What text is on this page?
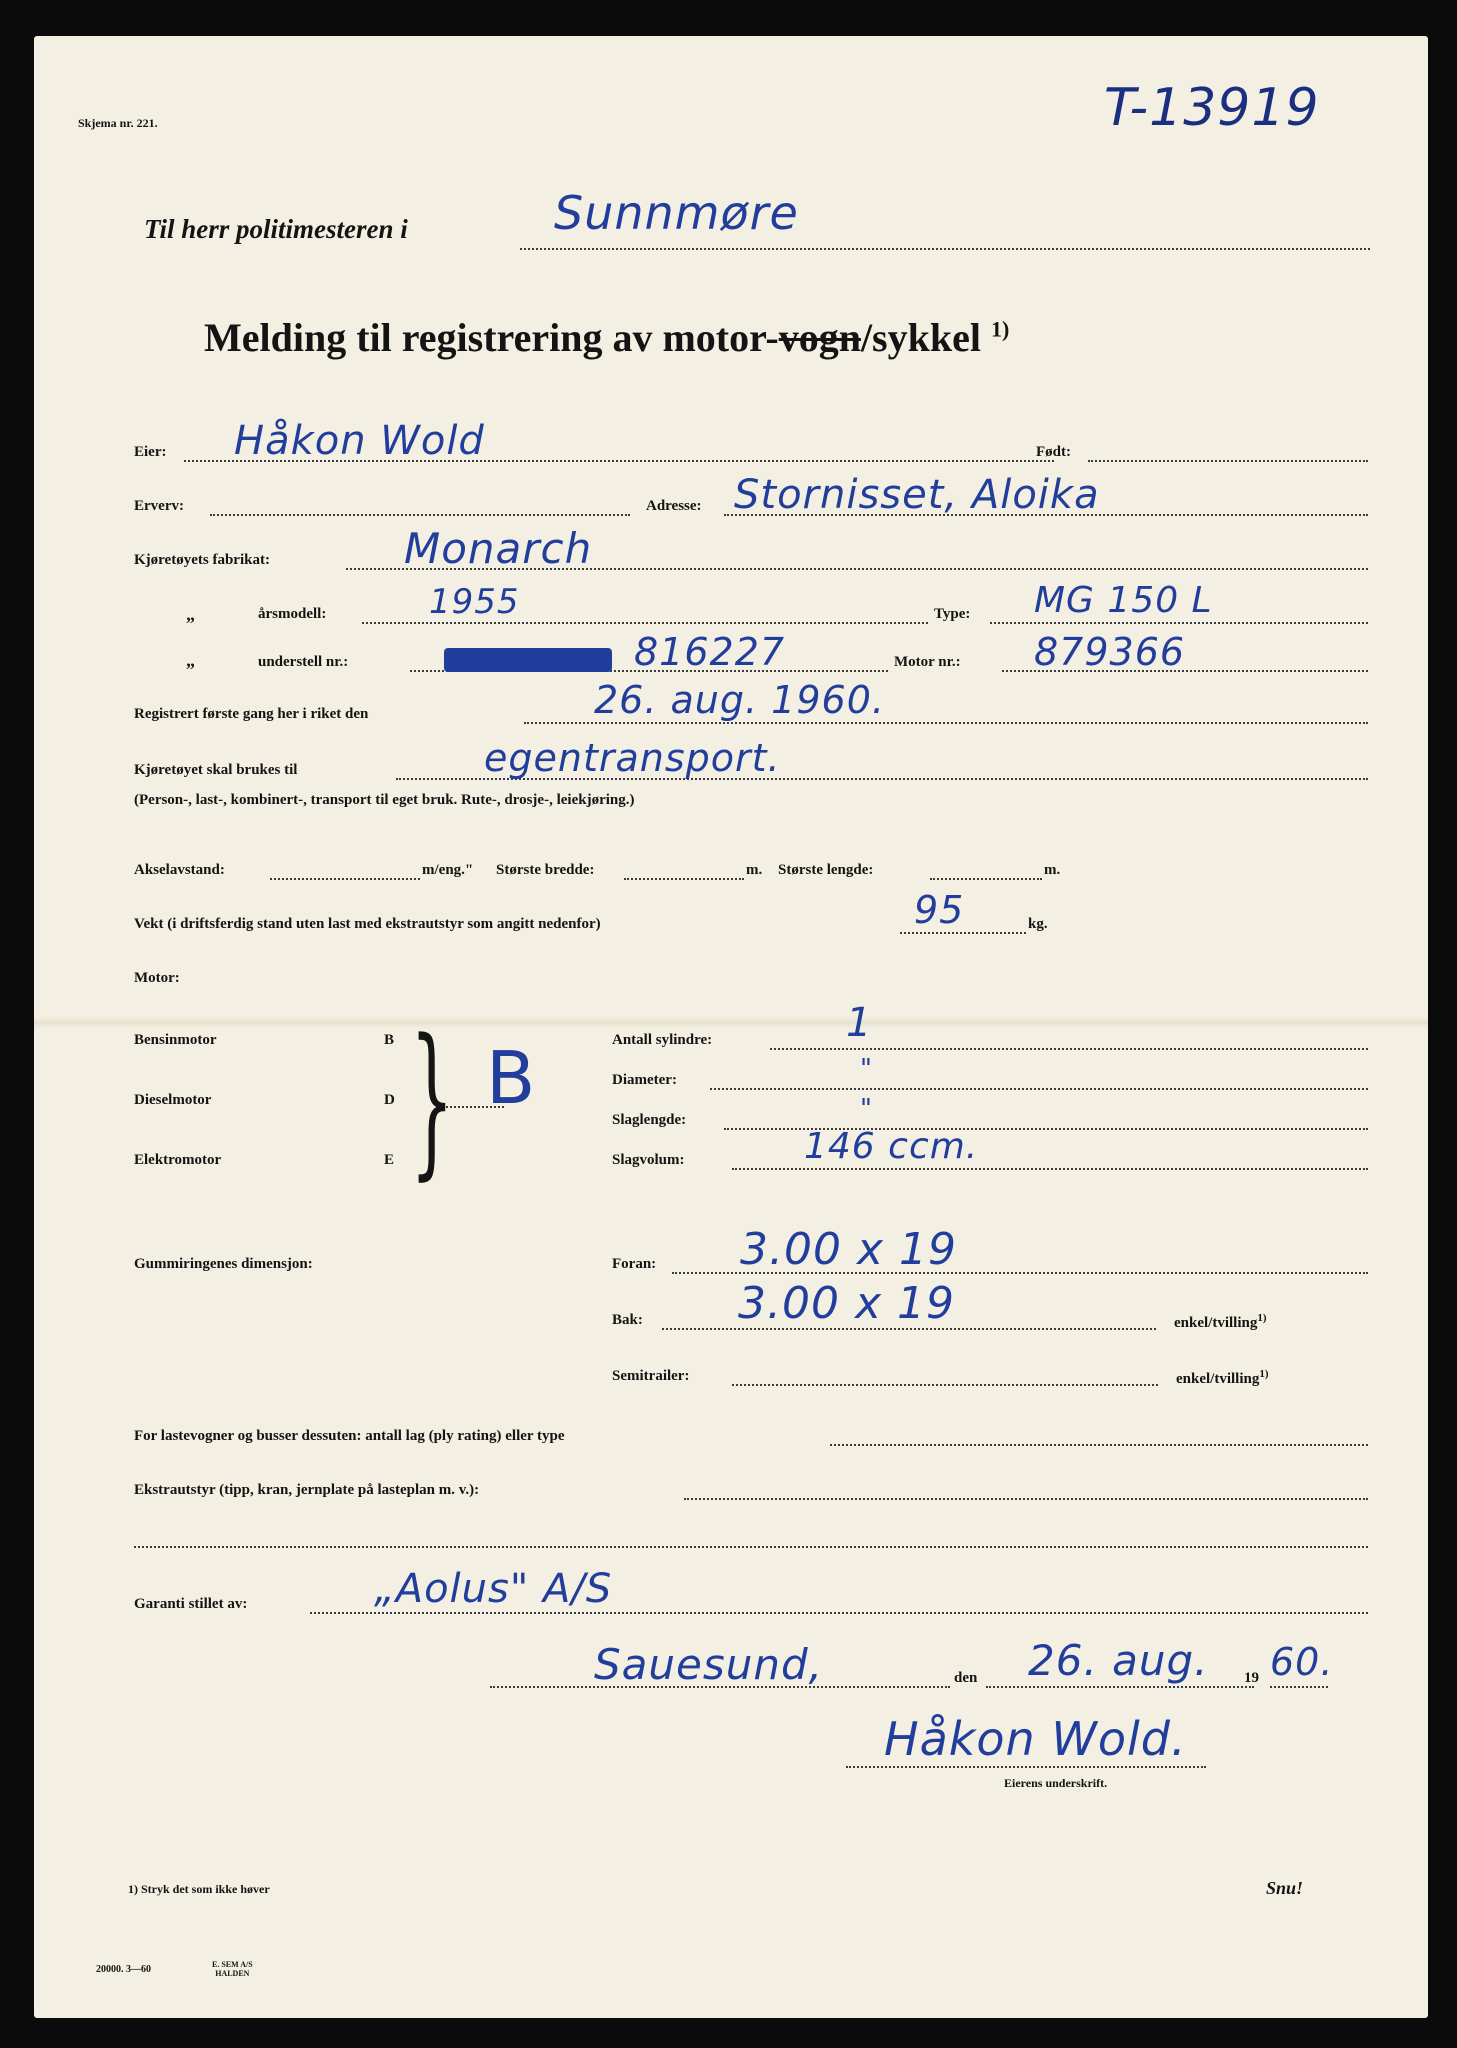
Skjema nr. 221.	T-13919
Til herr politimesteren i	Sunnmøre
Melding til registrering av motor-vogn/sykkel $^{1)}$
Eier: Håkon Wold	Født:
Erverv:	Adresse: Stornisset, Aloika
Kjøretøyets fabrikat:	Monarch
„	årsmodell:	1955	Type: MG 150 L
„	understell nr.:	816227	Motor nr.: 879366
Registrert første gang her i riket den	26. aug. 1960.
Kjøretøyet skal brukes til	egentransport.
(Person-, last-, kombinert-, transport til eget bruk. Rute-, drosje-, leiekjøring.)
Akselavstand:	m/eng." Største bredde:	m. Største lengde:	m.
Vekt (i driftsferdig stand uten last med ekstrautstyr som angitt nedenfor)	95	kg.
Motor:
Bensinmotor	B
Dieselmotor	D
Elektromotor	E } B	Antall sylindre:	1
Diameter:	"
Slaglengde:	"
Slagvolum:	146 ccm.
Gummiringenes dimensjon:	Foran: 3.00 x 19
Bak: 3.00 x 19	enkel/tvilling$^{1)}$
Semitrailer:	enkel/tvilling$^{1)}$
For lastevogner og busser dessuten: antall lag (ply rating) eller type
Ekstrautstyr (tipp, kran, jernplate på lasteplan m. v.):
Garanti stillet av:	„Aolus" A/S
Sauesund,	den 26. aug. 19 60.
Håkon Wold.
Eierens underskrift.
1) Stryk det som ikke høver	Snu!
20000. 3—60	E. SEM A/S
HALDEN
